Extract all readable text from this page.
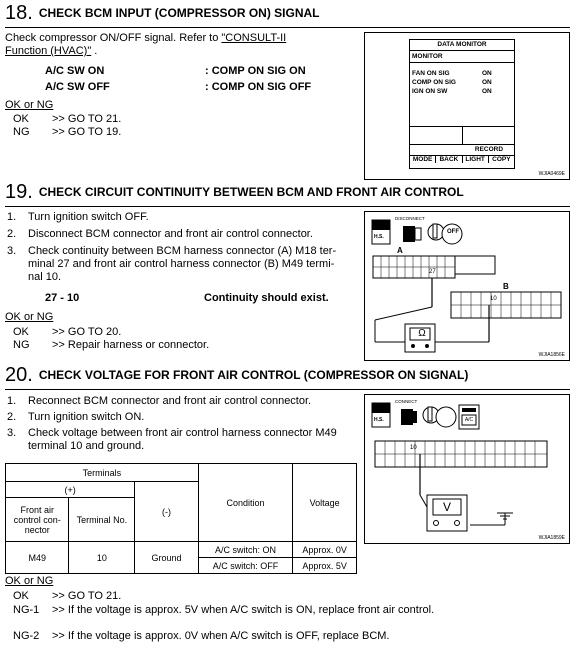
18. CHECK BCM INPUT (COMPRESSOR ON) SIGNAL
Check compressor ON/OFF signal. Refer to "CONSULT-II
Function (HVAC)" .
A/C SW ON	: COMP ON SIG ON
A/C SW OFF	: COMP ON SIG OFF
OK or NG
OK >> GO TO 21.
NG >> GO TO 19.
DATA MONITOR
MONITOR
FAN ON SIG	ON
COMP ON SIG	ON
IGN ON SW	ON
RECORD
MODE	BACK	LIGHT	COPY
WJIA0469E
19. CHECK CIRCUIT CONTINUITY BETWEEN BCM AND FRONT AIR CONTROL
1. Turn ignition switch OFF.
2. Disconnect BCM connector and front air control connector.
3. Check continuity between BCM harness connector (A) M18 ter-
minal 27 and front air control harness connector (B) M49 termi-
nal 10.
27 - 10	Continuity should exist.
OK or NG
OK >> GO TO 20.
NG >> Repair harness or connector.
H.S.
DISCONNECT
OFF
A
B
27
10
Ω
WJIA1856E
20. CHECK VOLTAGE FOR FRONT AIR CONTROL (COMPRESSOR ON SIGNAL)
1. Reconnect BCM connector and front air control connector.
2. Turn ignition switch ON.
3. Check voltage between front air control harness connector M49
terminal 10 and ground.
Terminals			Condition	Voltage
(+)		(-)		
Front air control con-nector	Terminal No.			
M49	10	Ground	A/C switch: ON	Approx. 0V
			A/C switch: OFF	Approx. 5V
OK or NG
OK >> GO TO 21.
NG-1 >> If the voltage is approx. 5V when A/C switch is ON, replace front air control.
NG-2 >> If the voltage is approx. 0V when A/C switch is OFF, replace BCM.
H.S.
CONNECT
A/C
10
V
WJIA1859E
